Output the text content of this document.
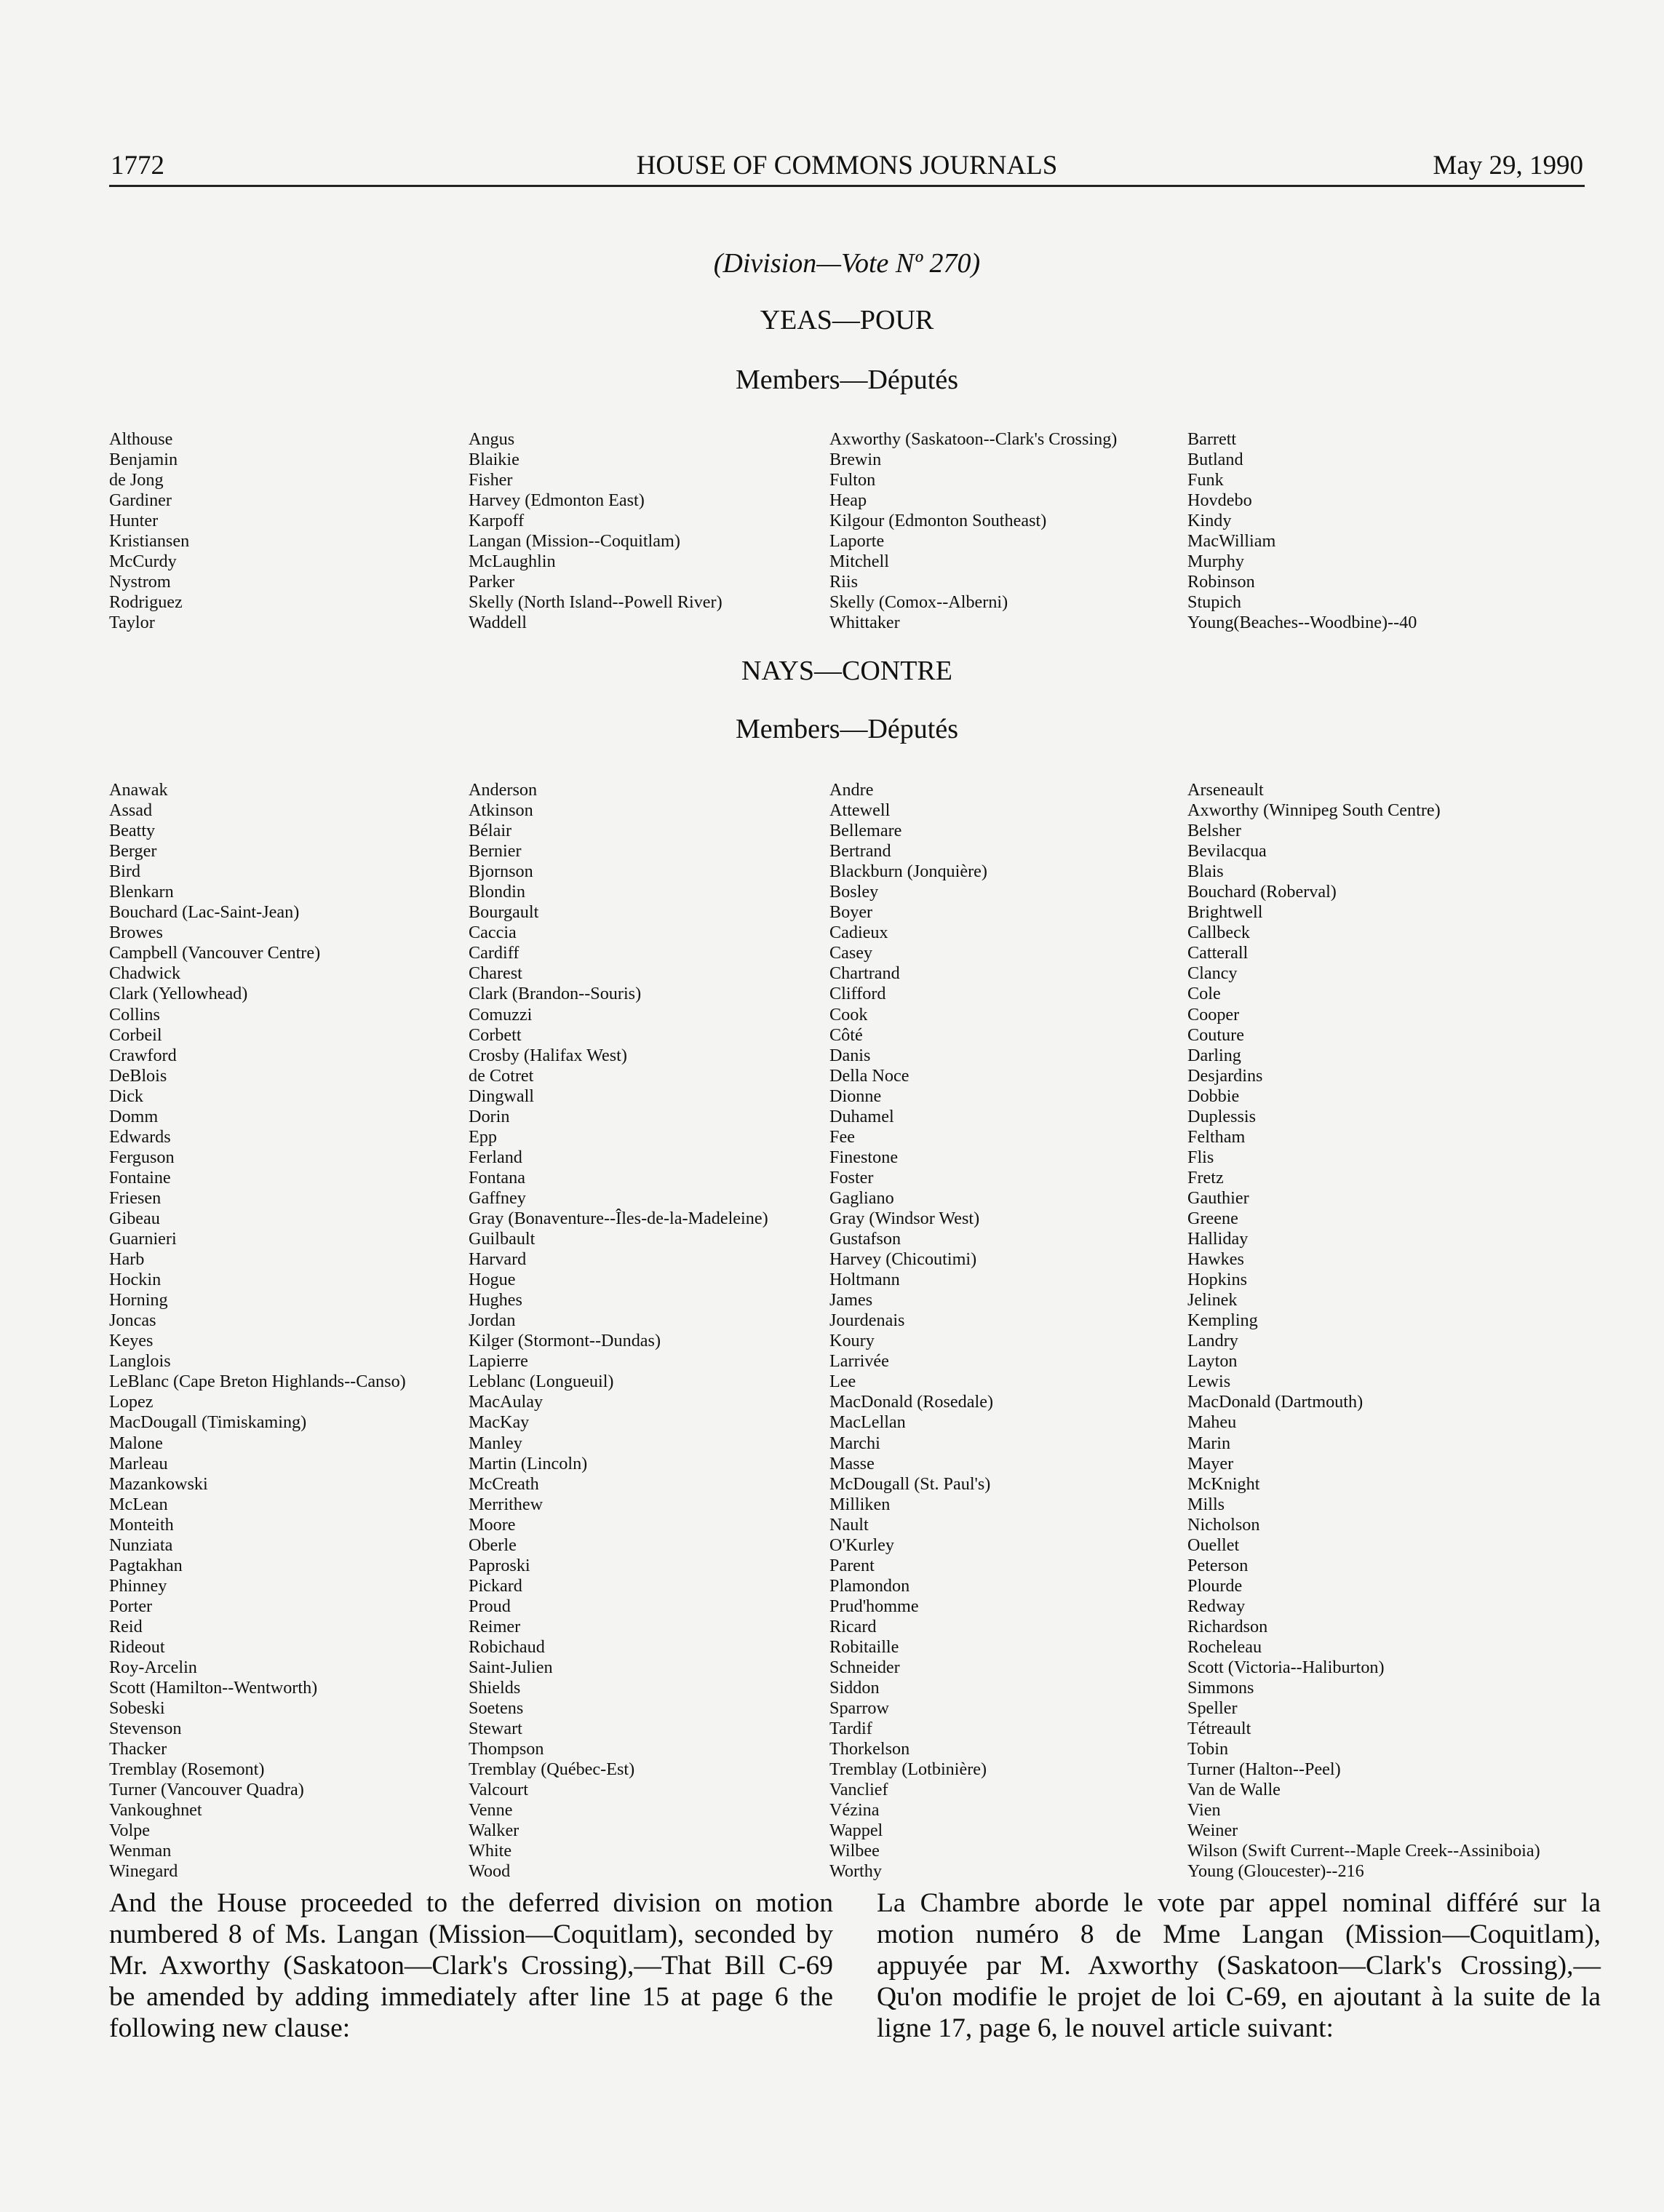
1772	HOUSE OF COMMONS JOURNALS	May 29, 1990
(Division—Vote Nº 270)
YEAS—POUR
Members—Députés
Althouse
Benjamin
de Jong
Gardiner
Hunter
Kristiansen
McCurdy
Nystrom
Rodriguez
Taylor
Angus
Blaikie
Fisher
Harvey (Edmonton East)
Karpoff
Langan (Mission--Coquitlam)
McLaughlin
Parker
Skelly (North Island--Powell River)
Waddell
Axworthy (Saskatoon--Clark's Crossing)
Brewin
Fulton
Heap
Kilgour (Edmonton Southeast)
Laporte
Mitchell
Riis
Skelly (Comox--Alberni)
Whittaker
Barrett
Butland
Funk
Hovdebo
Kindy
MacWilliam
Murphy
Robinson
Stupich
Young(Beaches--Woodbine)--40
NAYS—CONTRE
Members—Députés
Anawak
Assad
Beatty
Berger
Bird
Blenkarn
Bouchard (Lac-Saint-Jean)
Browes
Campbell (Vancouver Centre)
Chadwick
Clark (Yellowhead)
Collins
Corbeil
Crawford
DeBlois
Dick
Domm
Edwards
Ferguson
Fontaine
Friesen
Gibeau
Guarnieri
Harb
Hockin
Horning
Joncas
Keyes
Langlois
LeBlanc (Cape Breton Highlands--Canso)
Lopez
MacDougall (Timiskaming)
Malone
Marleau
Mazankowski
McLean
Monteith
Nunziata
Pagtakhan
Phinney
Porter
Reid
Rideout
Roy-Arcelin
Scott (Hamilton--Wentworth)
Sobeski
Stevenson
Thacker
Tremblay (Rosemont)
Turner (Vancouver Quadra)
Vankoughnet
Volpe
Wenman
Winegard
Anderson
Atkinson
Bélair
Bernier
Bjornson
Blondin
Bourgault
Caccia
Cardiff
Charest
Clark (Brandon--Souris)
Comuzzi
Corbett
Crosby (Halifax West)
de Cotret
Dingwall
Dorin
Epp
Ferland
Fontana
Gaffney
Gray (Bonaventure--Îles-de-la-Madeleine)
Guilbault
Harvard
Hogue
Hughes
Jordan
Kilger (Stormont--Dundas)
Lapierre
Leblanc (Longueuil)
MacAulay
MacKay
Manley
Martin (Lincoln)
McCreath
Merrithew
Moore
Oberle
Paproski
Pickard
Proud
Reimer
Robichaud
Saint-Julien
Shields
Soetens
Stewart
Thompson
Tremblay (Québec-Est)
Valcourt
Venne
Walker
White
Wood
Andre
Attewell
Bellemare
Bertrand
Blackburn (Jonquière)
Bosley
Boyer
Cadieux
Casey
Chartrand
Clifford
Cook
Côté
Danis
Della Noce
Dionne
Duhamel
Fee
Finestone
Foster
Gagliano
Gray (Windsor West)
Gustafson
Harvey (Chicoutimi)
Holtmann
James
Jourdenais
Koury
Larrivée
Lee
MacDonald (Rosedale)
MacLellan
Marchi
Masse
McDougall (St. Paul's)
Milliken
Nault
O'Kurley
Parent
Plamondon
Prud'homme
Ricard
Robitaille
Schneider
Siddon
Sparrow
Tardif
Thorkelson
Tremblay (Lotbinière)
Vanclief
Vézina
Wappel
Wilbee
Worthy
Arseneault
Axworthy (Winnipeg South Centre)
Belsher
Bevilacqua
Blais
Bouchard (Roberval)
Brightwell
Callbeck
Catterall
Clancy
Cole
Cooper
Couture
Darling
Desjardins
Dobbie
Duplessis
Feltham
Flis
Fretz
Gauthier
Greene
Halliday
Hawkes
Hopkins
Jelinek
Kempling
Landry
Layton
Lewis
MacDonald (Dartmouth)
Maheu
Marin
Mayer
McKnight
Mills
Nicholson
Ouellet
Peterson
Plourde
Redway
Richardson
Rocheleau
Scott (Victoria--Haliburton)
Simmons
Speller
Tétreault
Tobin
Turner (Halton--Peel)
Van de Walle
Vien
Weiner
Wilson (Swift Current--Maple Creek--Assiniboia)
Young (Gloucester)--216

And the House proceeded to the deferred division on motion numbered 8 of Ms. Langan (Mission—Coquitlam), seconded by Mr. Axworthy (Saskatoon—Clark's Crossing),—That Bill C-69 be amended by adding immediately after line 15 at page 6 the following new clause:

La Chambre aborde le vote par appel nominal différé sur la motion numéro 8 de Mme Langan (Mission—Coquitlam), appuyée par M. Axworthy (Saskatoon—Clark's Crossing),—Qu'on modifie le projet de loi C-69, en ajoutant à la suite de la ligne 17, page 6, le nouvel article suivant:
